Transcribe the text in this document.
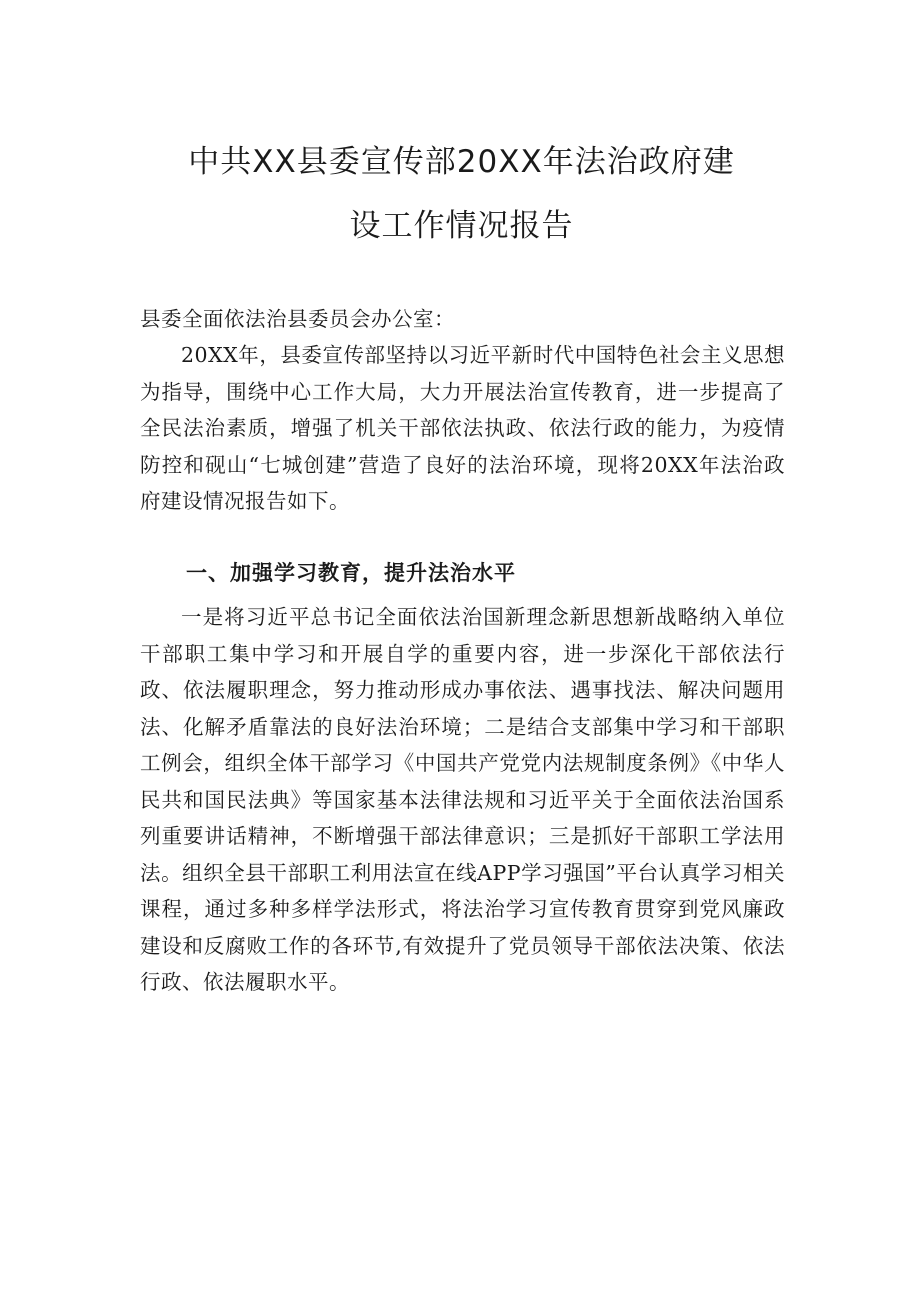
中共XX县委宣传部20XX年法治政府建
设工作情况报告

县委全面依法治县委员会办公室：

20XX年，县委宣传部坚持以习近平新时代中国特色社会主义思想为指导，围绕中心工作大局，大力开展法治宣传教育，进一步提高了全民法治素质，增强了机关干部依法执政、依法行政的能力，为疫情防控和砚山“七城创建”营造了良好的法治环境，现将20XX年法治政府建设情况报告如下。

一、加强学习教育，提升法治水平

一是将习近平总书记全面依法治国新理念新思想新战略纳入单位干部职工集中学习和开展自学的重要内容，进一步深化干部依法行政、依法履职理念，努力推动形成办事依法、遇事找法、解决问题用法、化解矛盾靠法的良好法治环境；二是结合支部集中学习和干部职工例会，组织全体干部学习《中国共产党党内法规制度条例》《中华人民共和国民法典》等国家基本法律法规和习近平关于全面依法治国系列重要讲话精神，不断增强干部法律意识；三是抓好干部职工学法用法。组织全县干部职工利用法宣在线APP学习强国”平台认真学习相关课程，通过多种多样学法形式，将法治学习宣传教育贯穿到党风廉政建设和反腐败工作的各环节,有效提升了党员领导干部依法决策、依法行政、依法履职水平。
